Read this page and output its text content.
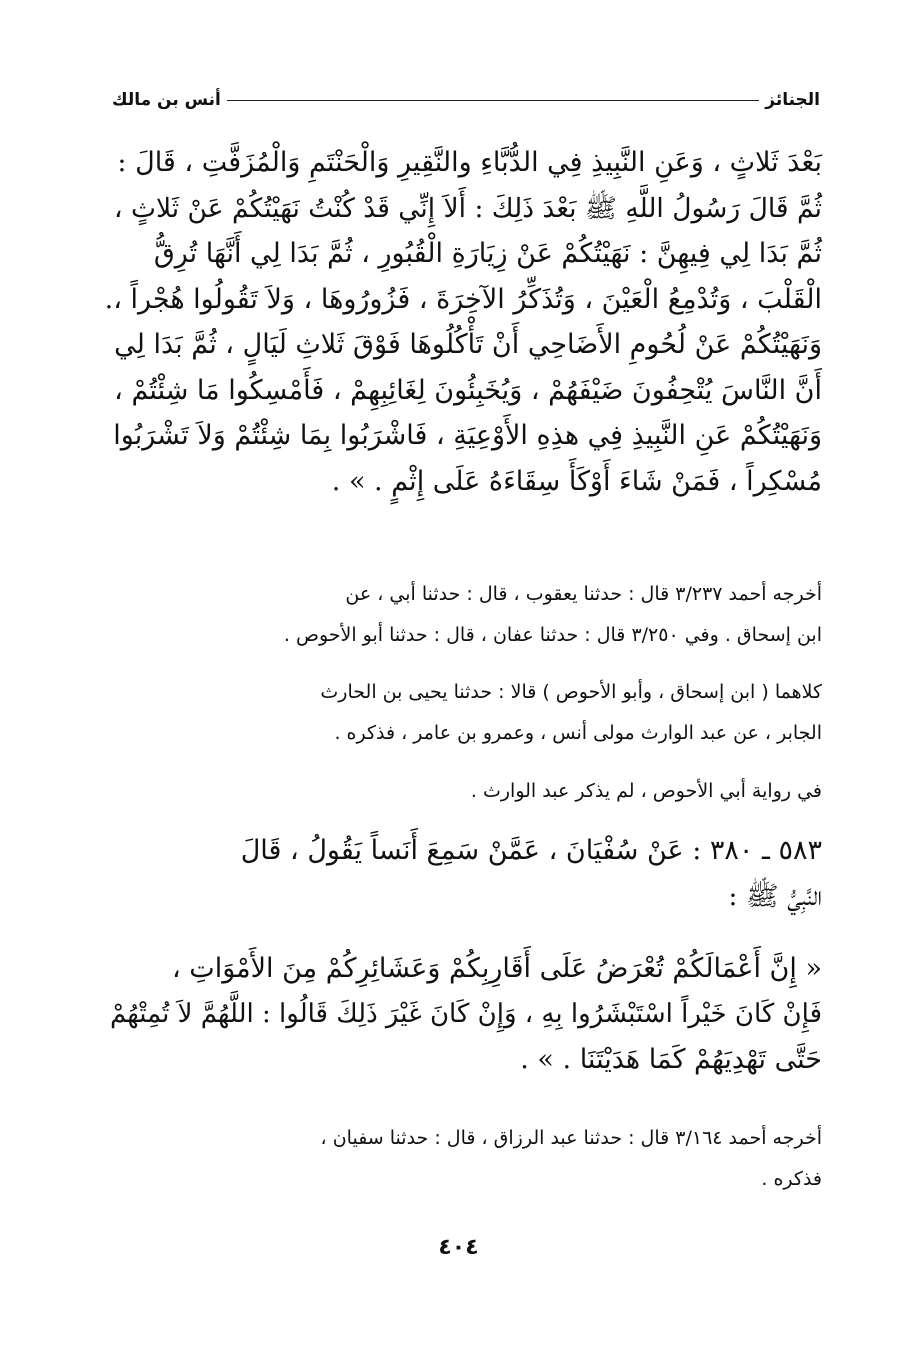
الجنائز
أنس بن مالك
بَعْدَ ثَلاثٍ ، وَعَنِ النَّبِيذِ فِي الدُّبَّاءِ والنَّقِيرِ وَالْحَنْتَمِ وَالْمُزَفَّتِ ، قَالَ :
ثُمَّ قَالَ رَسُولُ اللَّهِ ﷺ بَعْدَ ذَلِكَ : أَلاَ إِنِّي قَدْ كُنْتُ نَهَيْتُكُمْ عَنْ ثَلاثٍ ،
ثُمَّ بَدَا لِي فِيهِنَّ : نَهَيْتُكُمْ عَنْ زِيَارَةِ الْقُبُورِ ، ثُمَّ بَدَا لِي أَنَّهَا تُرِقُّ
الْقَلْبَ ، وَتُدْمِعُ الْعَيْنَ ، وَتُذَكِّرُ الآخِرَةَ ، فَزُورُوهَا ، وَلاَ تَقُولُوا هُجْراً ،.
وَنَهَيْتُكُمْ عَنْ لُحُومِ الأَضَاحِي أَنْ تَأْكُلُوهَا فَوْقَ ثَلاثِ لَيَالٍ ، ثُمَّ بَدَا لِي
أَنَّ النَّاسَ يُتْحِفُونَ ضَيْفَهُمْ ، وَيُخَبِئُونَ لِغَائِبِهِمْ ، فَأَمْسِكُوا مَا شِئْتُمْ ،
وَنَهَيْتُكُمْ عَنِ النَّبِيذِ فِي هذِهِ الأَوْعِيَةِ ، فَاشْرَبُوا بِمَا شِئْتُمْ وَلاَ تَشْرَبُوا
مُسْكِراً ، فَمَنْ شَاءَ أَوْكَأَ سِقَاءَهُ عَلَى إِثْمٍ . » .
أخرجه أحمد ٣/٢٣٧ قال : حدثنا يعقوب ، قال : حدثنا أبي ، عن
ابن إسحاق . وفي ٣/٢٥٠ قال : حدثنا عفان ، قال : حدثنا أبو الأحوص .
كلاهما ( ابن إسحاق ، وأبو الأحوص ) قالا : حدثنا يحيى بن الحارث
الجابر ، عن عبد الوارث مولى أنس ، وعمرو بن عامر ، فذكره .
في رواية أبي الأحوص ، لم يذكر عبد الوارث .
٥٨٣ ـ ٣٨٠ : عَنْ سُفْيَانَ ، عَمَّنْ سَمِعَ أَنَساً يَقُولُ ، قَالَ
النَّبِيُّ ﷺ :
« إِنَّ أَعْمَالَكُمْ تُعْرَضُ عَلَى أَقَارِبِكُمْ وَعَشَائِرِكُمْ مِنَ الأَمْوَاتِ ،
فَإِنْ كَانَ خَيْراً اسْتَبْشَرُوا بِهِ ، وَإِنْ كَانَ غَيْرَ ذَلِكَ قَالُوا : اللَّهُمَّ لاَ تُمِتْهُمْ
حَتَّى تَهْدِيَهُمْ كَمَا هَدَيْتَنَا . » .
أخرجه أحمد ٣/١٦٤ قال : حدثنا عبد الرزاق ، قال : حدثنا سفيان ،
فذكره .
٤٠٤
